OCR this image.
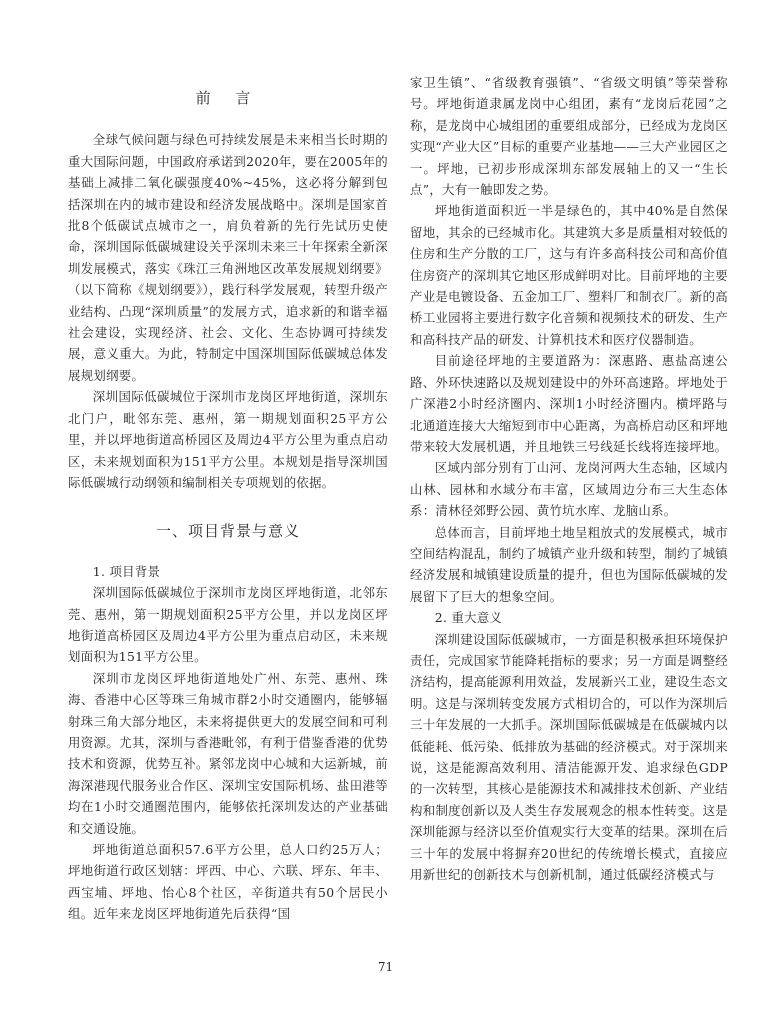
前 言

全球气候问题与绿色可持续发展是未来相当长时期的重大国际问题，中国政府承诺到2020年，要在2005年的基础上减排二氧化碳强度40%~45%，这必将分解到包括深圳在内的城市建设和经济发展战略中。深圳是国家首批8个低碳试点城市之一，肩负着新的先行先试历史使命，深圳国际低碳城建设关乎深圳未来三十年探索全新深圳发展模式，落实《珠江三角洲地区改革发展规划纲要》（以下简称《规划纲要》），践行科学发展观，转型升级产业结构、凸现“深圳质量”的发展方式，追求新的和谐幸福社会建设，实现经济、社会、文化、生态协调可持续发展，意义重大。为此，特制定中国深圳国际低碳城总体发展规划纲要。

深圳国际低碳城位于深圳市龙岗区坪地街道，深圳东北门户，毗邻东莞、惠州，第一期规划面积25平方公里，并以坪地街道高桥园区及周边4平方公里为重点启动区，未来规划面积为151平方公里。本规划是指导深圳国际低碳城行动纲领和编制相关专项规划的依据。

一、项目背景与意义

1. 项目背景

深圳国际低碳城位于深圳市龙岗区坪地街道，北邻东莞、惠州，第一期规划面积25平方公里，并以龙岗区坪地街道高桥园区及周边4平方公里为重点启动区，未来规划面积为151平方公里。

深圳市龙岗区坪地街道地处广州、东莞、惠州、珠海、香港中心区等珠三角城市群2小时交通圈内，能够辐射珠三角大部分地区，未来将提供更大的发展空间和可利用资源。尤其，深圳与香港毗邻，有利于借鉴香港的优势技术和资源，优势互补。紧邻龙岗中心城和大运新城，前海深港现代服务业合作区、深圳宝安国际机场、盐田港等均在1小时交通圈范围内，能够依托深圳发达的产业基础和交通设施。

坪地街道总面积57.6平方公里，总人口约25万人；坪地街道行政区划辖：坪西、中心、六联、坪东、年丰、西宝埔、坪地、怡心8个社区，辛街道共有50个居民小组。近年来龙岗区坪地街道先后获得“国

家卫生镇”、“省级教育强镇”、“省级文明镇”等荣誉称号。坪地街道隶属龙岗中心组团，素有“龙岗后花园”之称，是龙岗中心城组团的重要组成部分，已经成为龙岗区实现“产业大区”目标的重要产业基地——三大产业园区之一。坪地，已初步形成深圳东部发展轴上的又一“生长点”，大有一触即发之势。

坪地街道面积近一半是绿色的，其中40%是自然保留地，其余的已经城市化。其建筑大多是质量相对较低的住房和生产分散的工厂，这与有许多高科技公司和高价值住房资产的深圳其它地区形成鲜明对比。目前坪地的主要产业是电镀设备、五金加工厂、塑料厂和制衣厂。新的高桥工业园将主要进行数字化音频和视频技术的研发、生产和高科技产品的研发、计算机技术和医疗仪器制造。

目前途径坪地的主要道路为：深惠路、惠盐高速公路、外环快速路以及规划建设中的外环高速路。坪地处于广深港2小时经济圈内、深圳1小时经济圈内。横坪路与北通道连接大大缩短到市中心距离，为高桥启动区和坪地带来较大发展机遇，并且地铁三号线延长线将连接坪地。

区域内部分别有丁山河、龙岗河两大生态轴，区域内山林、园林和水域分布丰富，区域周边分布三大生态体系：清林径郊野公园、黄竹坑水库、龙脑山系。

总体而言，目前坪地土地呈粗放式的发展模式，城市空间结构混乱，制约了城镇产业升级和转型，制约了城镇经济发展和城镇建设质量的提升，但也为国际低碳城的发展留下了巨大的想象空间。

2. 重大意义

深圳建设国际低碳城市，一方面是积极承担环境保护责任，完成国家节能降耗指标的要求；另一方面是调整经济结构，提高能源利用效益，发展新兴工业，建设生态文明。这是与深圳转变发展方式相切合的，可以作为深圳后三十年发展的一大抓手。深圳国际低碳城是在低碳城内以低能耗、低污染、低排放为基础的经济模式。对于深圳来说，这是能源高效利用、清洁能源开发、追求绿色GDP的一次转型，其核心是能源技术和减排技术创新、产业结构和制度创新以及人类生存发展观念的根本性转变。这是深圳能源与经济以至价值观实行大变革的结果。深圳在后三十年的发展中将摒弃20世纪的传统增长模式，直接应用新世纪的创新技术与创新机制，通过低碳经济模式与

71
